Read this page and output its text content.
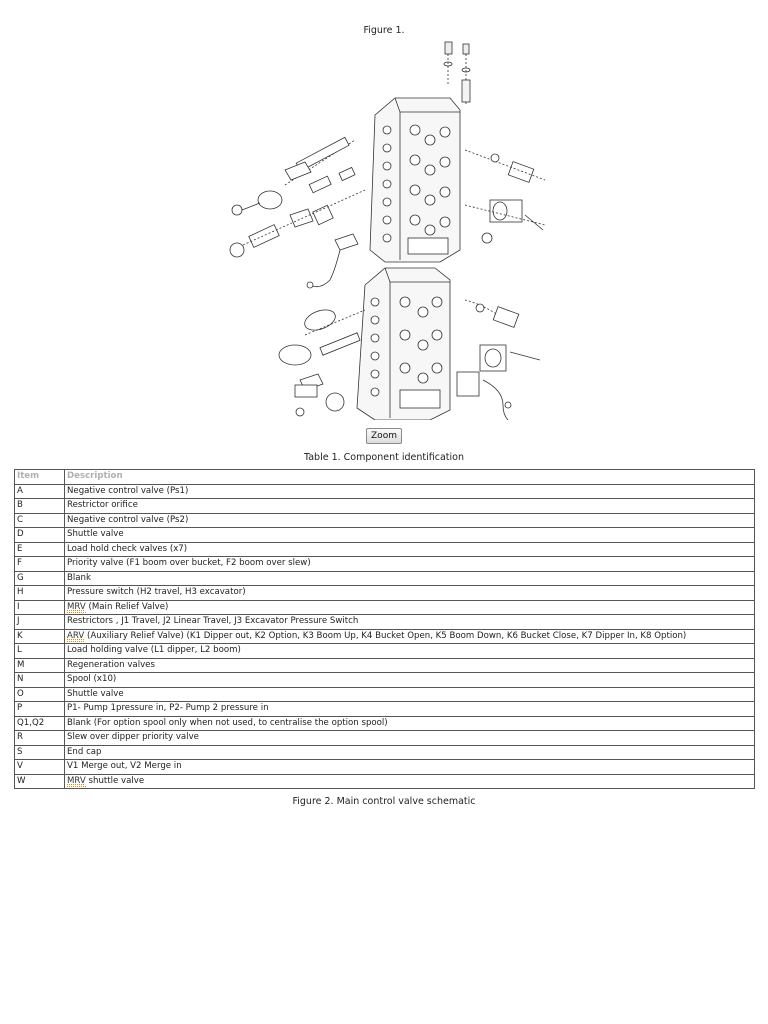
Figure 1.
Zoom
Table 1. Component identification
Item	Description
A	Negative control valve (Ps1)
B	Restrictor orifice
C	Negative control valve (Ps2)
D	Shuttle valve
E	Load hold check valves (x7)
F	Priority valve (F1 boom over bucket, F2 boom over slew)
G	Blank
H	Pressure switch (H2 travel, H3 excavator)
I	MRV (Main Relief Valve)
J	Restrictors , J1 Travel, J2 Linear Travel, J3 Excavator Pressure Switch
K	ARV (Auxiliary Relief Valve) (K1 Dipper out, K2 Option, K3 Boom Up, K4 Bucket Open, K5 Boom Down, K6 Bucket Close, K7 Dipper In, K8 Option)
L	Load holding valve (L1 dipper, L2 boom)
M	Regeneration valves
N	Spool (x10)
O	Shuttle valve
P	P1- Pump 1pressure in, P2- Pump 2 pressure in
Q1,Q2	Blank (For option spool only when not used, to centralise the option spool)
R	Slew over dipper priority valve
S	End cap
V	V1 Merge out, V2 Merge in
W	MRV shuttle valve
Figure 2. Main control valve schematic
